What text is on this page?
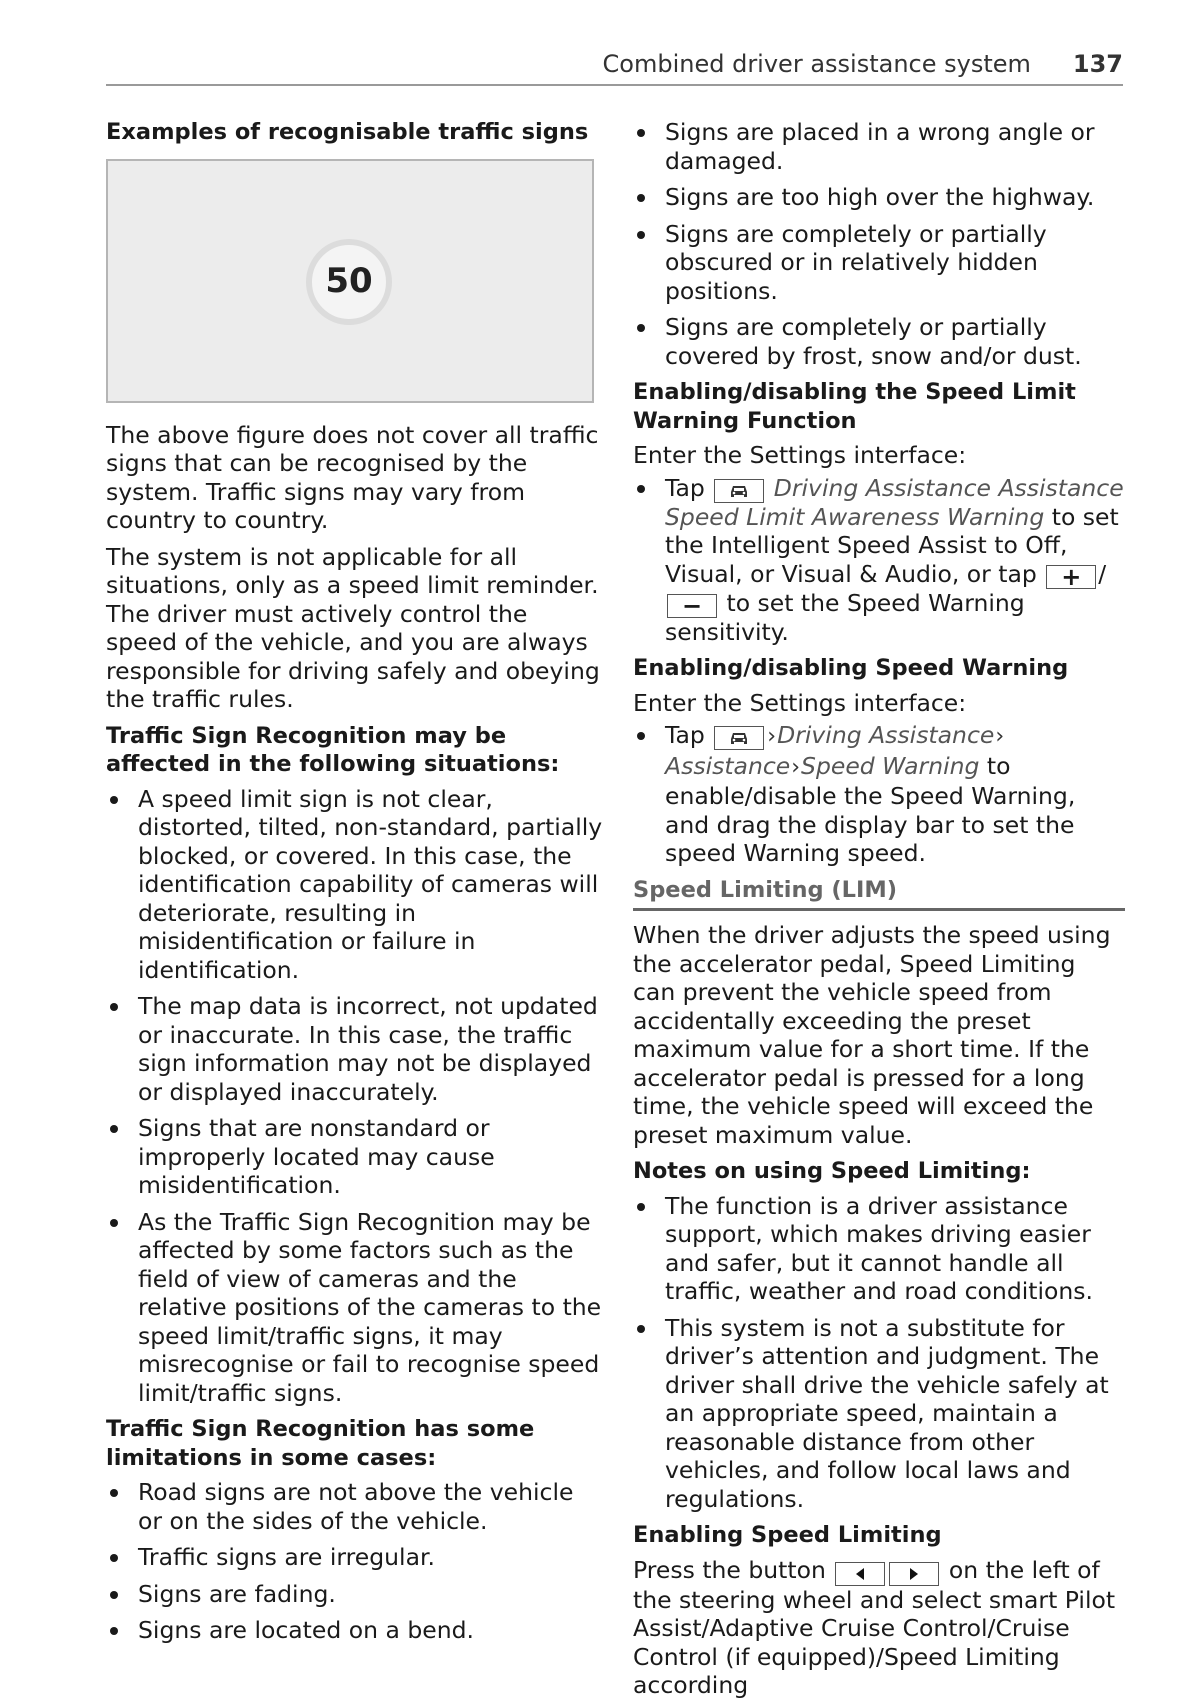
Combined driver assistance system 137
Examples of recognisable traffic signs
50

The above figure does not cover all traffic signs that can be recognised by the system. Traffic signs may vary from country to country.

The system is not applicable for all situations, only as a speed limit reminder. The driver must actively control the speed of the vehicle, and you are always responsible for driving safely and obeying the traffic rules.

Traffic Sign Recognition may be affected in the following situations:
A speed limit sign is not clear, distorted, tilted, non-standard, partially blocked, or covered. In this case, the identification capability of cameras will deteriorate, resulting in misidentification or failure in identification.
The map data is incorrect, not updated or inaccurate. In this case, the traffic sign information may not be displayed or displayed inaccurately.
Signs that are nonstandard or improperly located may cause misidentification.
As the Traffic Sign Recognition may be affected by some factors such as the field of view of cameras and the relative positions of the cameras to the speed limit/traffic signs, it may misrecognise or fail to recognise speed limit/traffic signs.
Traffic Sign Recognition has some limitations in some cases:
Road signs are not above the vehicle or on the sides of the vehicle.
Traffic signs are irregular.
Signs are fading.
Signs are located on a bend.
Signs are placed in a wrong angle or damaged.
Signs are too high over the highway.
Signs are completely or partially obscured or in relatively hidden positions.
Signs are completely or partially covered by frost, snow and/or dust.
Enabling/disabling the Speed Limit Warning Function

Enter the Settings interface:

Tap	Driving Assistance Assistance Speed Limit Awareness Warning to set the Intelligent Speed Assist to Off, Visual, or Visual & Audio, or tap + /− to set the Speed Warning sensitivity.
Enabling/disabling Speed Warning

Enter the Settings interface:

Tap	›Driving Assistance› Assistance›Speed Warning to enable/disable the Speed Warning, and drag the display bar to set the speed Warning speed.
Speed Limiting (LIM)

When the driver adjusts the speed using the accelerator pedal, Speed Limiting can prevent the vehicle speed from accidentally exceeding the preset maximum value for a short time. If the accelerator pedal is pressed for a long time, the vehicle speed will exceed the preset maximum value.

Notes on using Speed Limiting:
The function is a driver assistance support, which makes driving easier and safer, but it cannot handle all traffic, weather and road conditions.
This system is not a substitute for driver’s attention and judgment. The driver shall drive the vehicle safely at an appropriate speed, maintain a reasonable distance from other vehicles, and follow local laws and regulations.
Enabling Speed Limiting

Press the button	on the left of the steering wheel and select smart Pilot Assist/Adaptive Cruise Control/Cruise Control (if equipped)/Speed Limiting according
